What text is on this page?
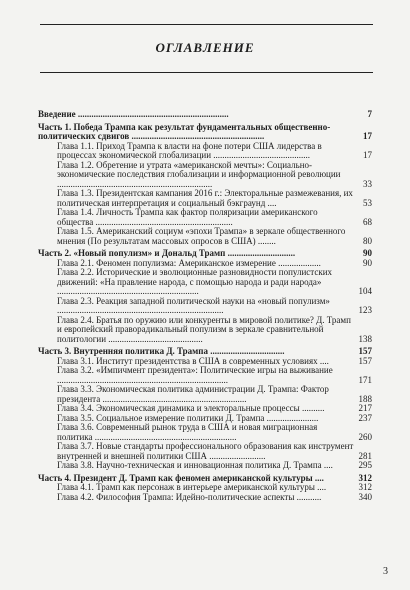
ОГЛАВЛЕНИЕ
Введение ...................................................................	7
Часть 1. Победа Трампа как результат фундаментальных общественно-политических сдвигов ...........................................................	17
Глава 1.1. Приход Трампа к власти на фоне потери США лидерства в процессах экономической глобализации ...........................................	17
Глава 1.2. Обретение и утрата «американской мечты»: Социально-экономические последствия глобализации и информационной революции .....................................................................	33
Глава 1.3. Президентская кампания 2016 г.: Электоральные размежевания, их политическая интерпретация и социальный бэкграунд ....	53
Глава 1.4. Личность Трампа как фактор поляризации американского общества .............................................................	68
Глава 1.5. Американский социум «эпохи Трампа» в зеркале общественного мнения (По результатам массовых опросов в США) ........	80
Часть 2. «Новый популизм» и Дональд Трамп ..............................	90
Глава 2.1. Феномен популизма: Американское измерение ...................	90
Глава 2.2. Исторические и эволюционные разновидности популистских движений: «На правление народа, с помощью народа и ради народа» ...............................................................	104
Глава 2.3. Реакция западной политической науки на «новый популизм» ..........................................................................	123
Глава 2.4. Братья по оружию или конкуренты в мировой политике? Д. Трамп и европейский праворадикальный популизм в зеркале сравнительной политологии ..........................................	138
Часть 3. Внутренняя политика Д. Трампа .................................	157
Глава 3.1. Институт президентства в США в современных условиях ....	157
Глава 3.2. «Импичмент президента»: Политические игры на выживание ............................................................................	171
Глава 3.3. Экономическая политика администрации Д. Трампа: Фактор президента ................................................................	188
Глава 3.4. Экономическая динамика и электоральные процессы ..........	217
Глава 3.5. Социальное измерение политики Д. Трампа .......................	237
Глава 3.6. Современный рынок труда в США и новая миграционная политика ...............................................................	260
Глава 3.7. Новые стандарты профессионального образования как инструмент внутренней и внешней политики США .........................	281
Глава 3.8. Научно-техническая и инновационная политика Д. Трампа ....	295
Часть 4. Президент Д. Трамп как феномен американской культуры ....	312
Глава 4.1. Трамп как персонаж в интерьере американской культуры ....	312
Глава 4.2. Философия Трампа: Идейно-политические аспекты ...........	340
3
